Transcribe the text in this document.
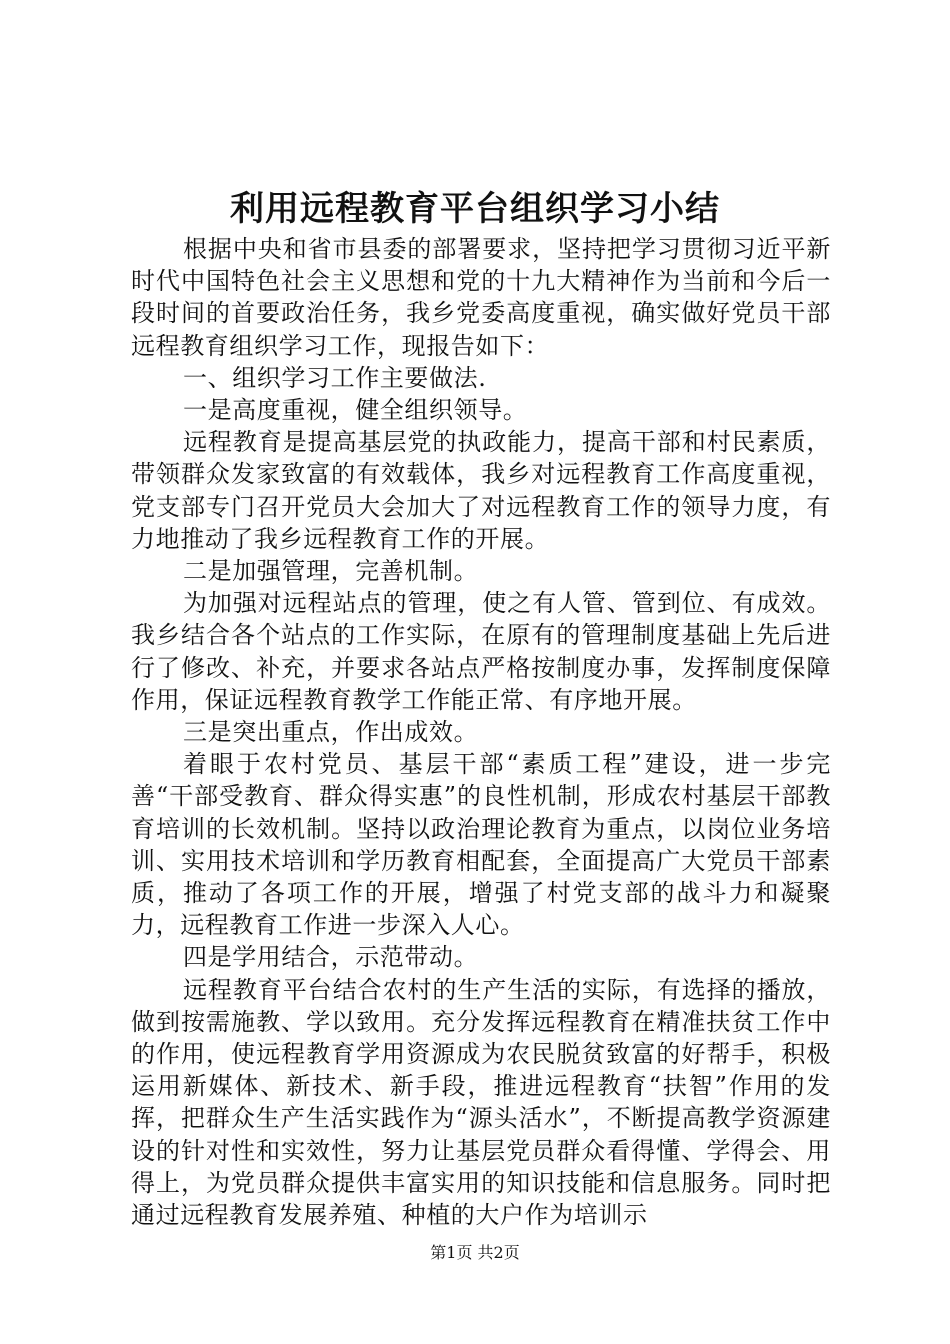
利用远程教育平台组织学习小结

根据中央和省市县委的部署要求，坚持把学习贯彻习近平新时代中国特色社会主义思想和党的十九大精神作为当前和今后一段时间的首要政治任务，我乡党委高度重视，确实做好党员干部远程教育组织学习工作，现报告如下：

一、组织学习工作主要做法.

一是高度重视，健全组织领导。

远程教育是提高基层党的执政能力，提高干部和村民素质，带领群众发家致富的有效载体，我乡对远程教育工作高度重视，党支部专门召开党员大会加大了对远程教育工作的领导力度，有力地推动了我乡远程教育工作的开展。

二是加强管理，完善机制。

为加强对远程站点的管理，使之有人管、管到位、有成效。我乡结合各个站点的工作实际，在原有的管理制度基础上先后进行了修改、补充，并要求各站点严格按制度办事，发挥制度保障作用，保证远程教育教学工作能正常、有序地开展。

三是突出重点，作出成效。

着眼于农村党员、基层干部“素质工程”建设，进一步完善“干部受教育、群众得实惠”的良性机制，形成农村基层干部教育培训的长效机制。坚持以政治理论教育为重点，以岗位业务培训、实用技术培训和学历教育相配套，全面提高广大党员干部素质，推动了各项工作的开展，增强了村党支部的战斗力和凝聚力，远程教育工作进一步深入人心。

四是学用结合，示范带动。

远程教育平台结合农村的生产生活的实际，有选择的播放，做到按需施教、学以致用。充分发挥远程教育在精准扶贫工作中的作用，使远程教育学用资源成为农民脱贫致富的好帮手，积极运用新媒体、新技术、新手段，推进远程教育“扶智”作用的发挥，把群众生产生活实践作为“源头活水”，不断提高教学资源建设的针对性和实效性，努力让基层党员群众看得懂、学得会、用得上，为党员群众提供丰富实用的知识技能和信息服务。同时把通过远程教育发展养殖、种植的大户作为培训示

第1页 共2页
